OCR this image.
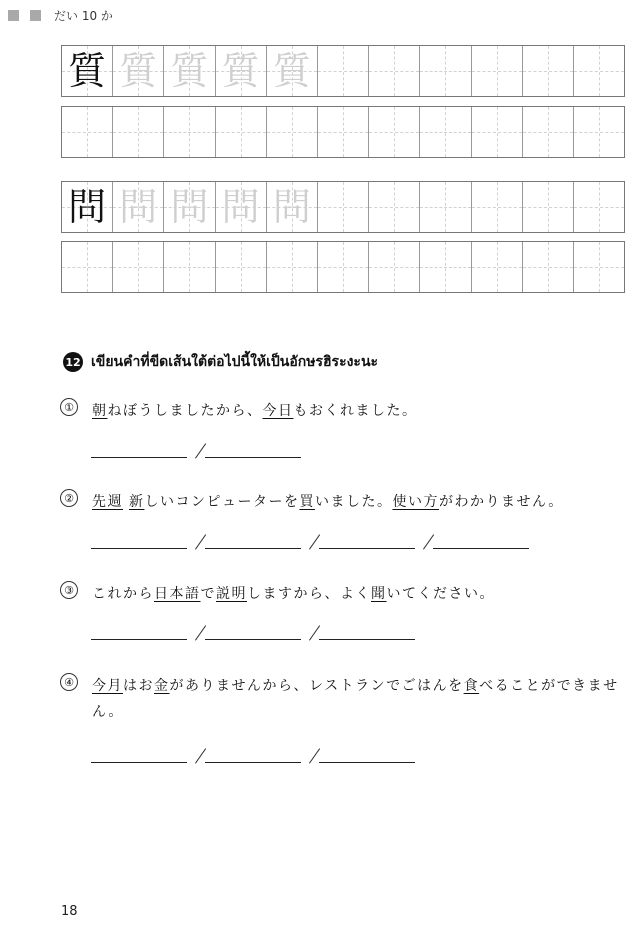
だい 10 か
質 質 質 質 質
問 問 問 問 問
12 เขียนคำที่ขีดเส้นใต้ต่อไปนี้ให้เป็นอักษรฮิระงะนะ
① 朝ねぼうしましたから、今日もおくれました。
② 先週 新しいコンピューターを買いました。使い方がわかりません。
③ これから日本語で説明しますから、よく聞いてください。
④ 今月はお金がありませんから、レストランでごはんを食べることができません。
18
